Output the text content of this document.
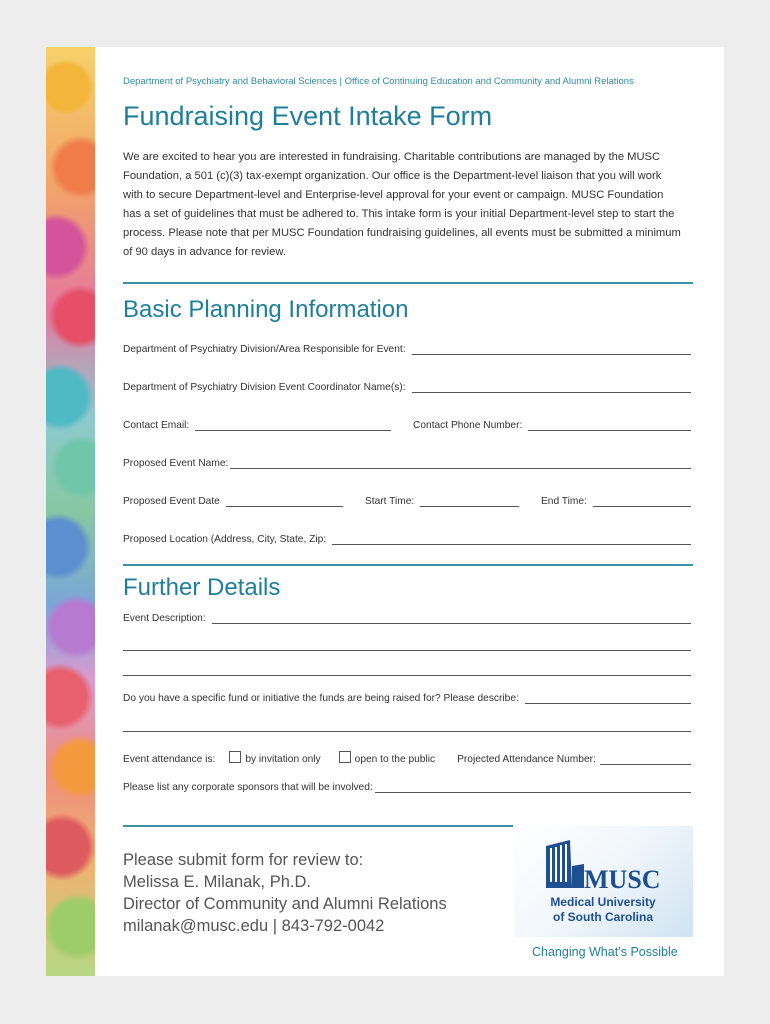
Department of Psychiatry and Behavioral Sciences | Office of Continuing Education and Community and Alumni Relations
Fundraising Event Intake Form
We are excited to hear you are interested in fundraising. Charitable contributions are managed by the MUSC Foundation, a 501 (c)(3) tax-exempt organization. Our office is the Department-level liaison that you will work with to secure Department-level and Enterprise-level approval for your event or campaign. MUSC Foundation has a set of guidelines that must be adhered to. This intake form is your initial Department-level step to start the process. Please note that per MUSC Foundation fundraising guidelines, all events must be submitted a minimum of 90 days in advance for review.
Basic Planning Information
Department of Psychiatry Division/Area Responsible for Event:
Department of Psychiatry Division Event Coordinator Name(s):
Contact Email:	Contact Phone Number:
Proposed Event Name:
Proposed Event Date	Start Time:	End Time:
Proposed Location (Address, City, State, Zip:
Further Details
Event Description:
Do you have a specific fund or initiative the funds are being raised for? Please describe:
Event attendance is:	by invitation only	open to the public Projected Attendance Number:
Please list any corporate sponsors that will be involved:
Please submit form for review to:
Melissa E. Milanak, Ph.D.
Director of Community and Alumni Relations
milanak@musc.edu | 843-792-0042
MUSC
Medical University
of South Carolina
Changing What’s Possible
